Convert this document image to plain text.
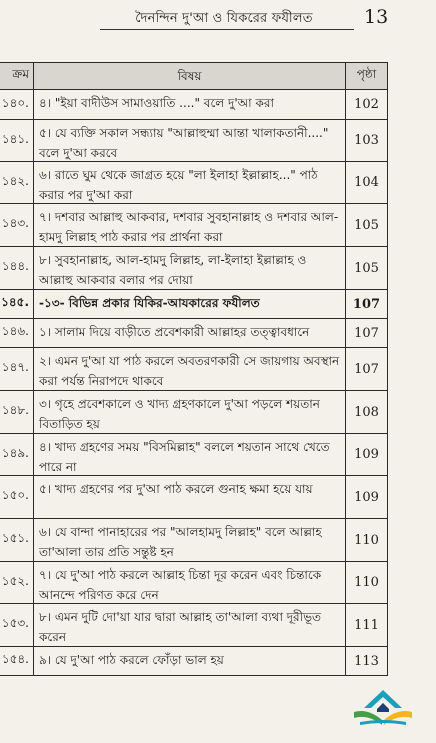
দৈনন্দিন দু'আ ও যিকরের ফযীলত	13
ক্রম	বিষয়	পৃষ্ঠা
১৪০. ৪। "ইয়া বাদীউস সামাওয়াতি ...." বলে দু'আ করা	102
১৪১. ৫। যে ব্যক্তি সকাল সন্ধ্যায় "আল্লাহুম্মা আন্তা খালাকতানী...." বলে দু'আ করবে
103
১৪২. ৬। রাতে ঘুম থেকে জাগ্রত হয়ে "লা ইলাহা ইল্লাল্লাহ..." পাঠ করার পর দু'আ করা
104
১৪৩. ৭। দশবার আল্লাহু আকবার, দশবার সুবহানাল্লাহ ও দশবার আল-হামদু লিল্লাহ পাঠ করার পর প্রার্থনা করা
105
১৪৪. ৮। সুবহানাল্লাহ, আল-হামদু লিল্লাহ, লা-ইলাহা ইল্লাল্লাহ ও আল্লাহু আকবার বলার পর দোয়া
105
১৪৫. -১৩- বিভিন্ন প্রকার যিকির-আযকারের ফযীলত	107
১৪৬. ১। সালাম দিয়ে বাড়ীতে প্রবেশকারী আল্লাহর তত্ত্বাবধানে	107
১৪৭. ২। এমন দু'আ যা পাঠ করলে অবতরণকারী সে জায়গায় অবস্থান করা পর্যন্ত নিরাপদে থাকবে
107
১৪৮. ৩। গৃহে প্রবেশকালে ও খাদ্য গ্রহণকালে দু'আ পড়লে শয়তান বিতাড়িত হয়
108
১৪৯. ৪। খাদ্য গ্রহণের সময় "বিসমিল্লাহ" বললে শয়তান সাথে খেতে পারে না
109
১৫০. ৫। খাদ্য গ্রহণের পর দু'আ পাঠ করলে গুনাহ ক্ষমা হয়ে যায়
109
১৫১. ৬। যে বান্দা পানাহারের পর "আলহামদু লিল্লাহ" বলে আল্লাহ তা'আলা তার প্রতি সন্তুষ্ট হন
110
১৫২. ৭। যে দু'আ পাঠ করলে আল্লাহ চিন্তা দূর করেন এবং চিন্তাকে আনন্দে পরিণত করে দেন
110
১৫৩. ৮। এমন দুটি দো'য়া যার দ্বারা আল্লাহ তা'আলা ব্যথা দূরীভূত করেন
111
১৫৪. ৯। যে দু'আ পাঠ করলে ফোঁড়া ভাল হয়	113
